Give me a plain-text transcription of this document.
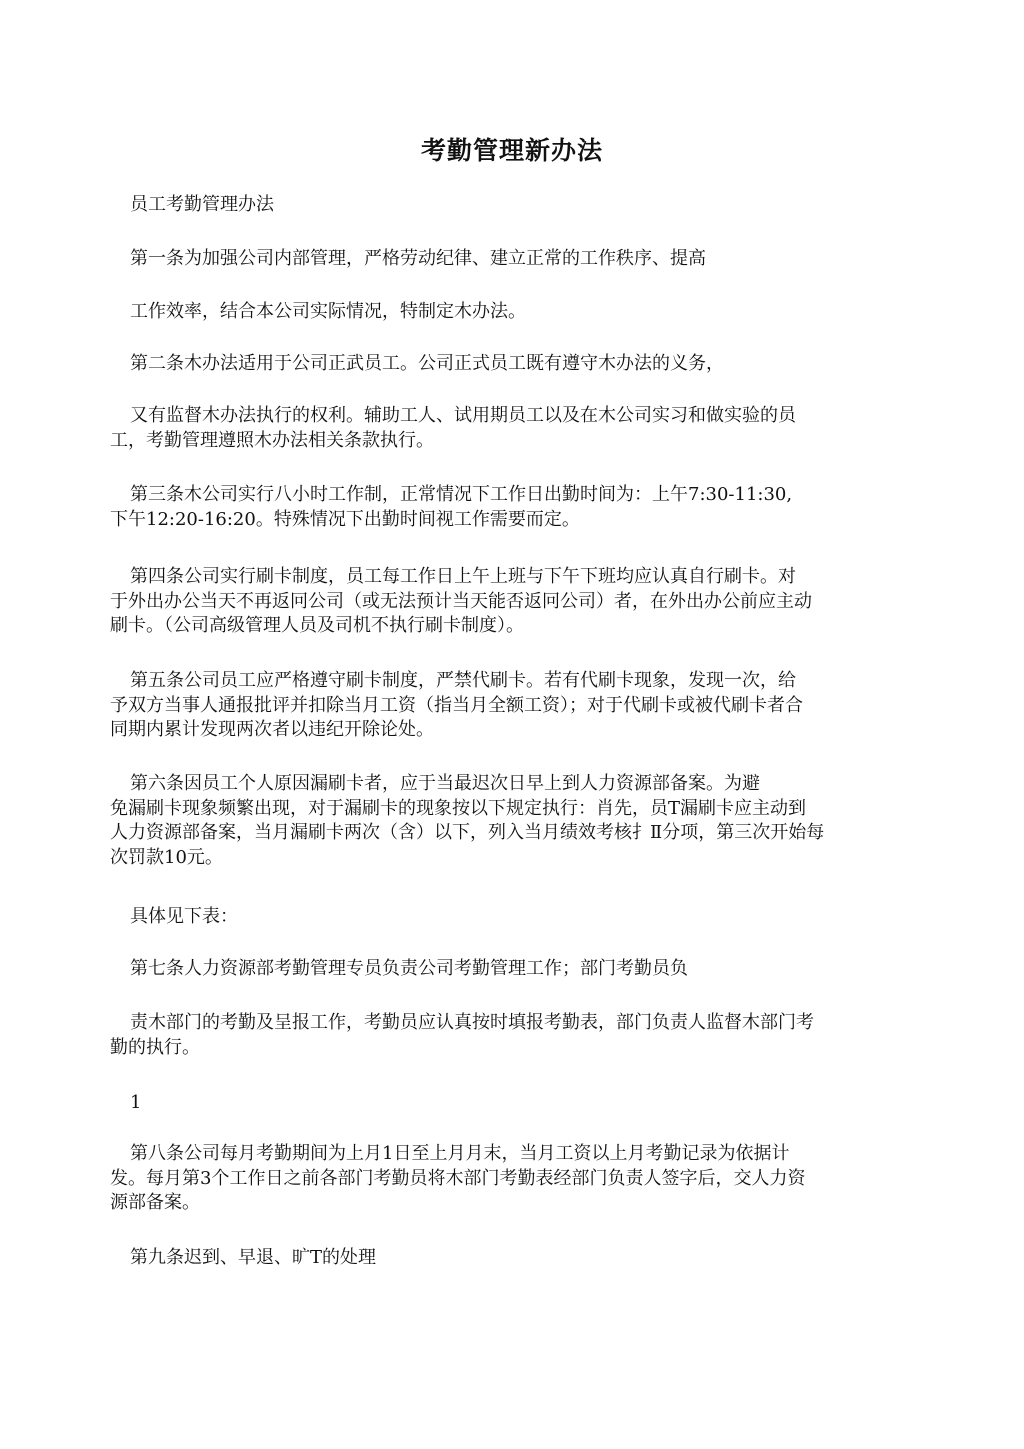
考勤管理新办法
员工考勤管理办法
第一条为加强公司内部管理，严格劳动纪律、建立正常的工作秩序、提高
工作效率，结合本公司实际情况，特制定木办法。
第二条木办法适用于公司正武员工。公司正式员工既有遵守木办法的义务，
又有监督木办法执行的权利。辅助工人、试用期员工以及在木公司实习和做实验的员
工，考勤管理遵照木办法相关条款执行。
第三条木公司实行八小时工作制，正常情况下工作日出勤时间为：上午7:30-11:30,
下午12:20-16:20。特殊情况下出勤时间视工作需要而定。
第四条公司实行刷卡制度，员工每工作日上午上班与下午下班均应认真自行刷卡。对
于外出办公当天不再返冋公司（或无法预计当天能否返冋公司）者，在外出办公前应主动
刷卡。（公司高级管理人员及司机不执行刷卡制度）。
第五条公司员工应严格遵守刷卡制度，严禁代刷卡。若有代刷卡现象，发现一次，给
予双方当事人通报批评并扣除当月工资（指当月全额工资）；对于代刷卡或被代刷卡者合
同期内累计发现两次者以违纪开除论处。
第六条因员工个人原因漏刷卡者，应于当最迟次日早上到人力资源部备案。为避
免漏刷卡现象频繁出现，对于漏刷卡的现象按以下规定执行：肖先，员T漏刷卡应主动到
人力资源部备案，当月漏刷卡两次（含）以下，列入当月绩效考核扌Ⅱ分项，第三次开始每
次罚款10元。
具体见下表：
第七条人力资源部考勤管理专员负责公司考勤管理工作；部门考勤员负
责木部门的考勤及呈报工作，考勤员应认真按时填报考勤表，部门负责人监督木部门考
勤的执行。
1
第八条公司每月考勤期间为上月1日至上月月末，当月工资以上月考勤记录为依据计
发。每月第3个工作日之前各部门考勤员将木部门考勤表经部门负责人签字后，交人力资
源部备案。
第九条迟到、早退、旷T的处理
